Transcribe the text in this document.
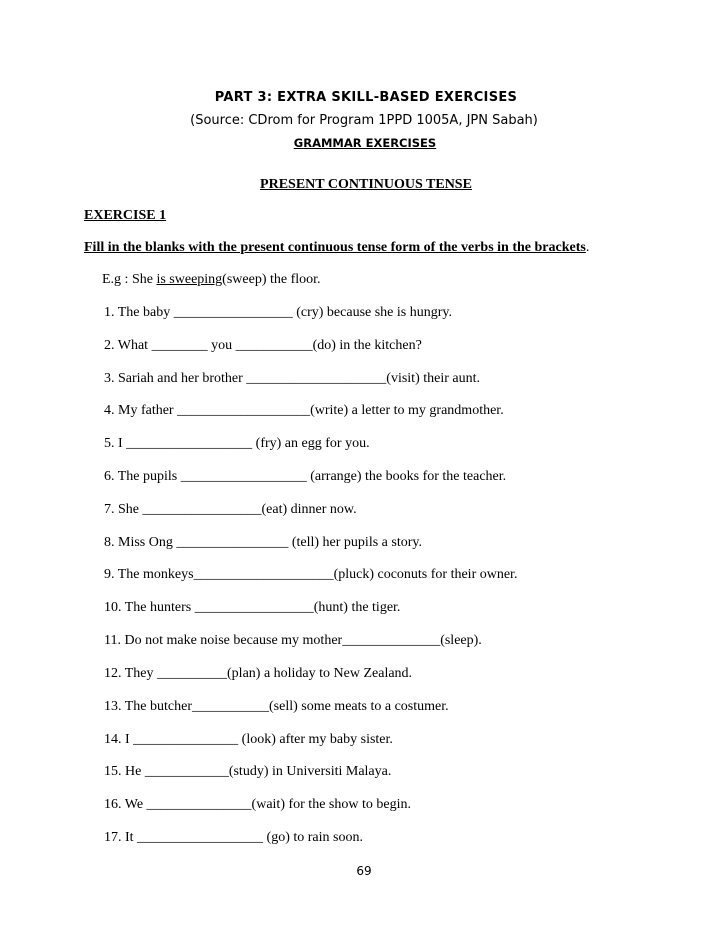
PART 3: EXTRA SKILL-BASED EXERCISES
(Source: CDrom for Program 1PPD 1005A, JPN Sabah)
GRAMMAR EXERCISES
PRESENT CONTINUOUS TENSE
EXERCISE 1
Fill in the blanks with the present continuous tense form of the verbs in the brackets.
E.g : She is sweeping(sweep) the floor.
1. The baby _________________ (cry) because she is hungry.
2. What ________ you ___________(do) in the kitchen?
3. Sariah and her brother ____________________(visit) their aunt.
4. My father ___________________(write) a letter to my grandmother.
5. I __________________ (fry) an egg for you.
6. The pupils __________________ (arrange) the books for the teacher.
7. She _________________(eat) dinner now.
8. Miss Ong ________________ (tell) her pupils a story.
9. The monkeys____________________(pluck) coconuts for their owner.
10. The hunters _________________(hunt) the tiger.
11. Do not make noise because my mother______________(sleep).
12. They __________(plan) a holiday to New Zealand.
13. The butcher___________(sell) some meats to a costumer.
14. I _______________ (look) after my baby sister.
15. He ____________(study) in Universiti Malaya.
16. We _______________(wait) for the show to begin.
17. It __________________ (go) to rain soon.
69
